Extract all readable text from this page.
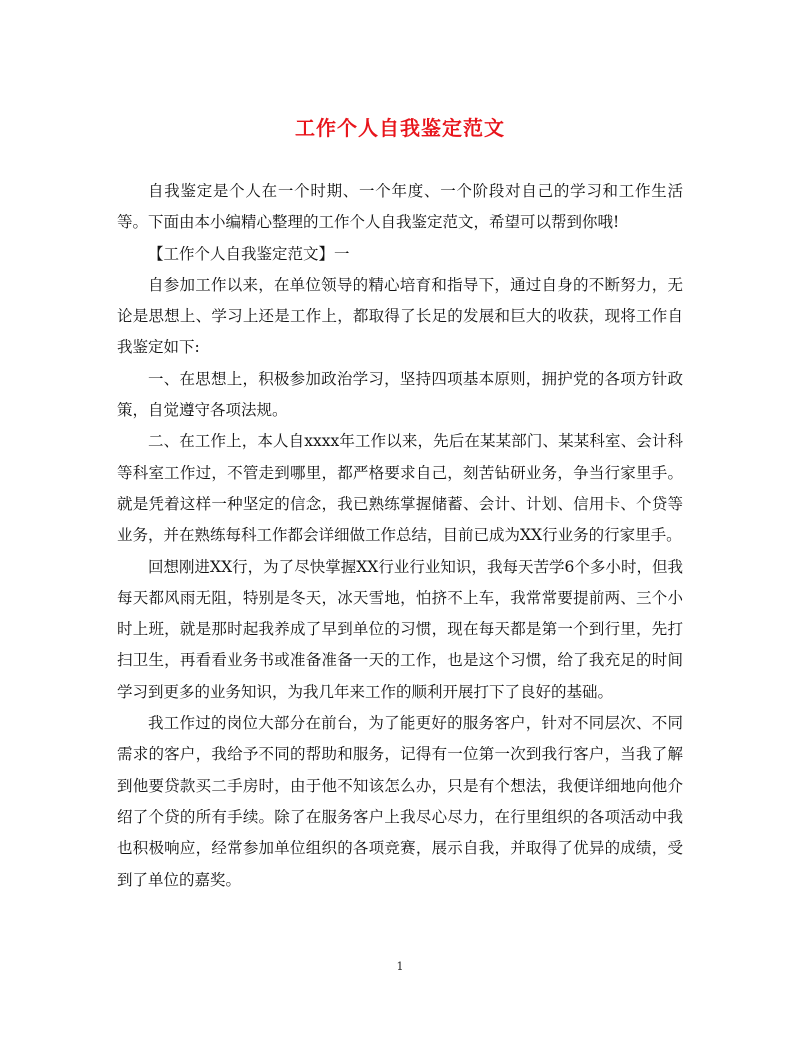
工作个人自我鉴定范文

自我鉴定是个人在一个时期、一个年度、一个阶段对自己的学习和工作生活等。下面由本小编精心整理的工作个人自我鉴定范文，希望可以帮到你哦!

【工作个人自我鉴定范文】一

自参加工作以来，在单位领导的精心培育和指导下，通过自身的不断努力，无论是思想上、学习上还是工作上，都取得了长足的发展和巨大的收获，现将工作自我鉴定如下:

一、在思想上，积极参加政治学习，坚持四项基本原则，拥护党的各项方针政策，自觉遵守各项法规。

二、在工作上，本人自xxxx年工作以来，先后在某某部门、某某科室、会计科等科室工作过，不管走到哪里，都严格要求自己，刻苦钻研业务，争当行家里手。就是凭着这样一种坚定的信念，我已熟练掌握储蓄、会计、计划、信用卡、个贷等业务，并在熟练每科工作都会详细做工作总结，目前已成为XX行业务的行家里手。

回想刚进XX行，为了尽快掌握XX行业行业知识，我每天苦学6个多小时，但我每天都风雨无阻，特别是冬天，冰天雪地，怕挤不上车，我常常要提前两、三个小时上班，就是那时起我养成了早到单位的习惯，现在每天都是第一个到行里，先打扫卫生，再看看业务书或准备准备一天的工作，也是这个习惯，给了我充足的时间学习到更多的业务知识，为我几年来工作的顺利开展打下了良好的基础。

我工作过的岗位大部分在前台，为了能更好的服务客户，针对不同层次、不同需求的客户，我给予不同的帮助和服务，记得有一位第一次到我行客户，当我了解到他要贷款买二手房时，由于他不知该怎么办，只是有个想法，我便详细地向他介绍了个贷的所有手续。除了在服务客户上我尽心尽力，在行里组织的各项活动中我也积极响应，经常参加单位组织的各项竞赛，展示自我，并取得了优异的成绩，受到了单位的嘉奖。

1
